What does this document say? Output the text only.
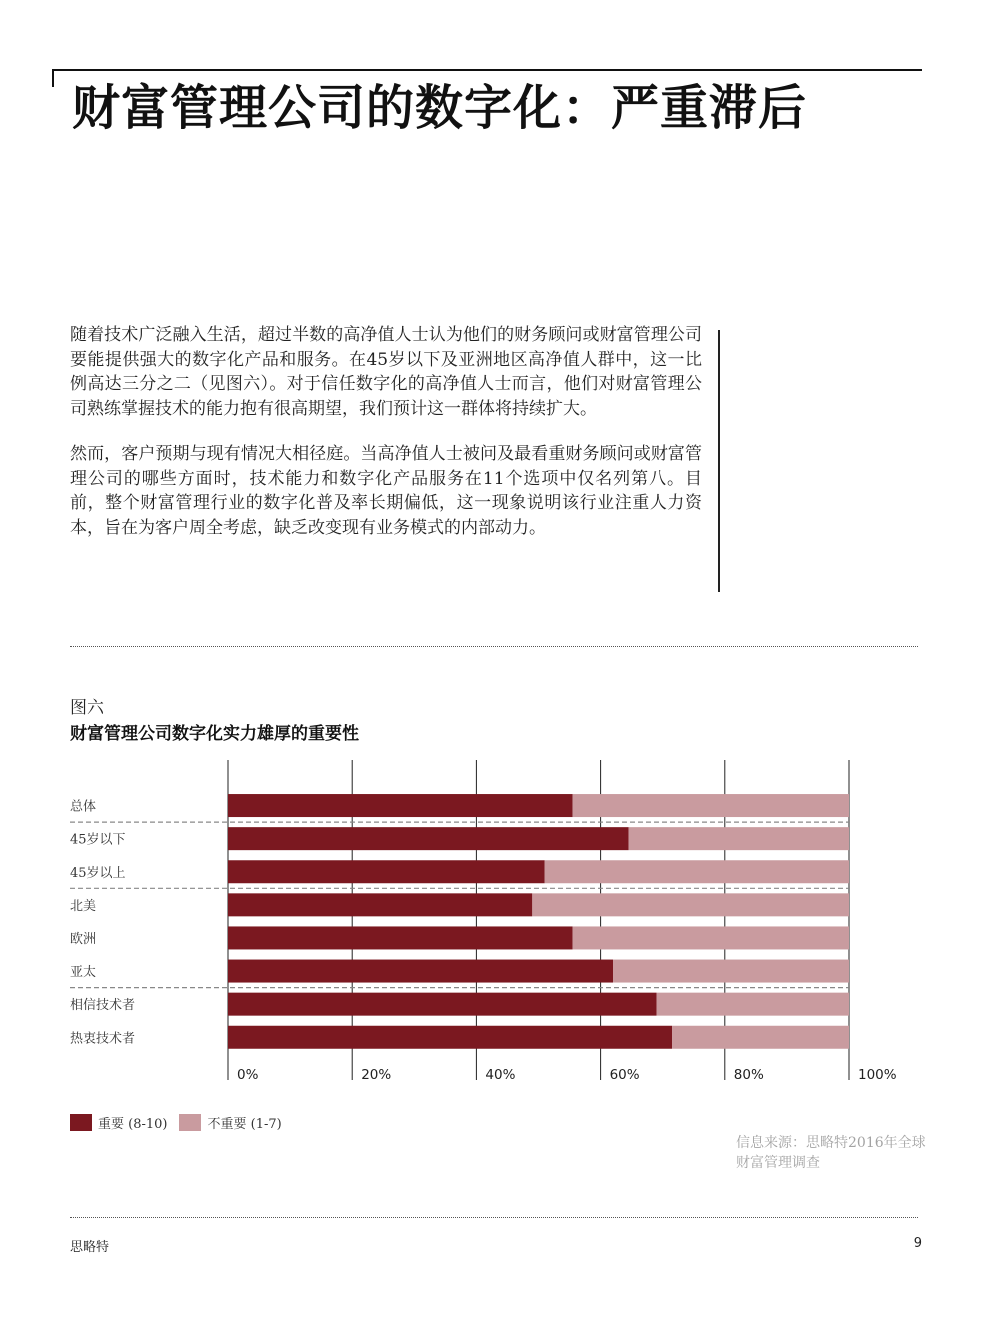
财富管理公司的数字化：严重滞后

随着技术广泛融入生活，超过半数的高净值人士认为他们的财务顾问或财富管理公司要能提供强大的数字化产品和服务。在45岁以下及亚洲地区高净值人群中，这一比例高达三分之二（见图六）。对于信任数字化的高净值人士而言，他们对财富管理公司熟练掌握技术的能力抱有很高期望，我们预计这一群体将持续扩大。

然而，客户预期与现有情况大相径庭。当高净值人士被问及最看重财务顾问或财富管理公司的哪些方面时，技术能力和数字化产品服务在11个选项中仅名列第八。目前，整个财富管理行业的数字化普及率长期偏低，这一现象说明该行业注重人力资本，旨在为客户周全考虑，缺乏改变现有业务模式的内部动力。

图六
财富管理公司数字化实力雄厚的重要性
0%	20%	40%	60%	80%	100%
总体
45岁以下
45岁以上
北美
欧洲
亚太
相信技术者
热衷技术者
重要 (8-10)	不重要 (1-7)
信息来源：思略特2016年全球财富管理调查
思略特	9
